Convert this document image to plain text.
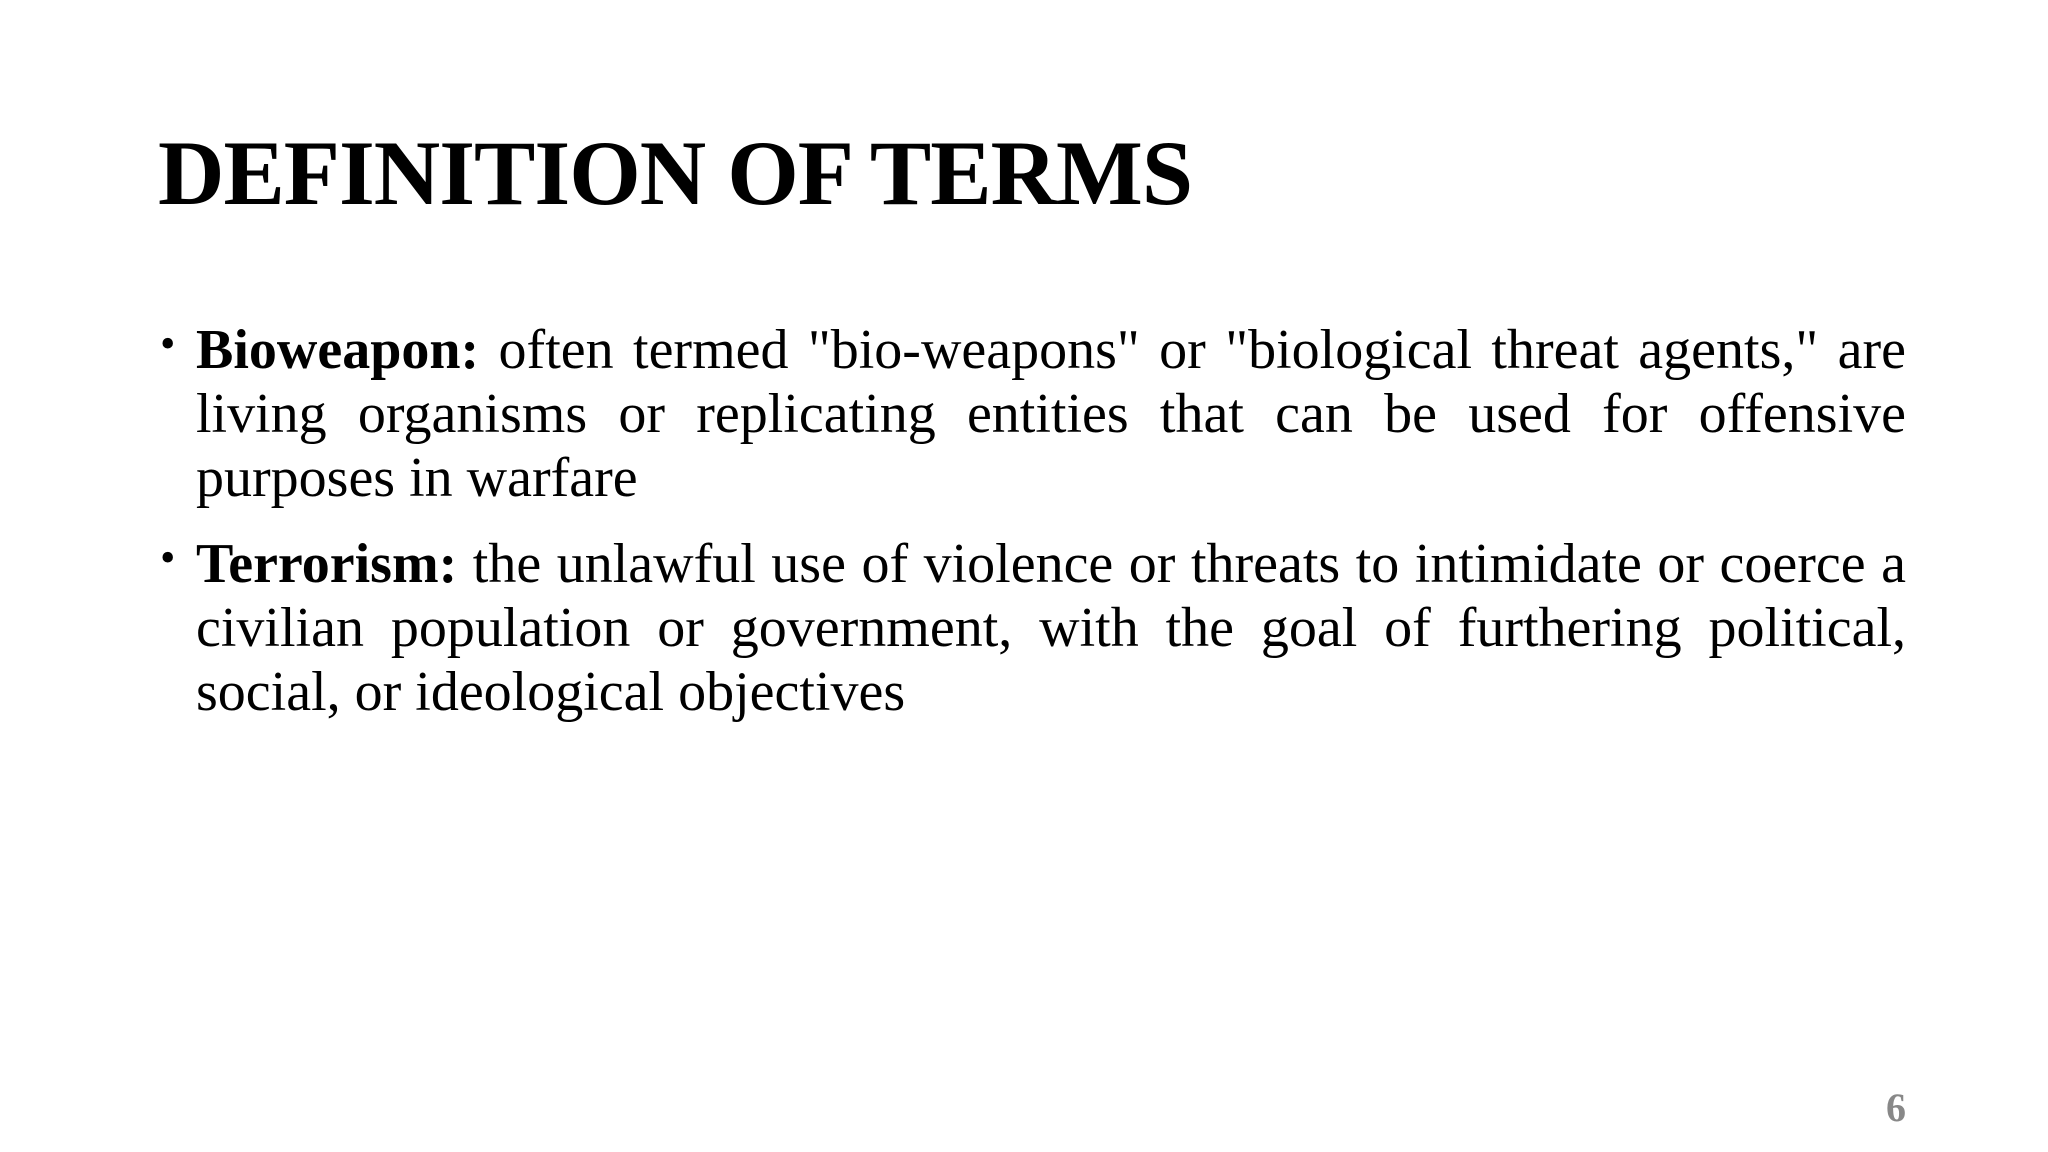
DEFINITION OF TERMS
• Bioweapon: often termed "bio-weapons" or "biological threat agents," are living organisms or replicating entities that can be used for offensive purposes in warfare
• Terrorism: the unlawful use of violence or threats to intimidate or coerce a civilian population or government, with the goal of furthering political, social, or ideological objectives
6
